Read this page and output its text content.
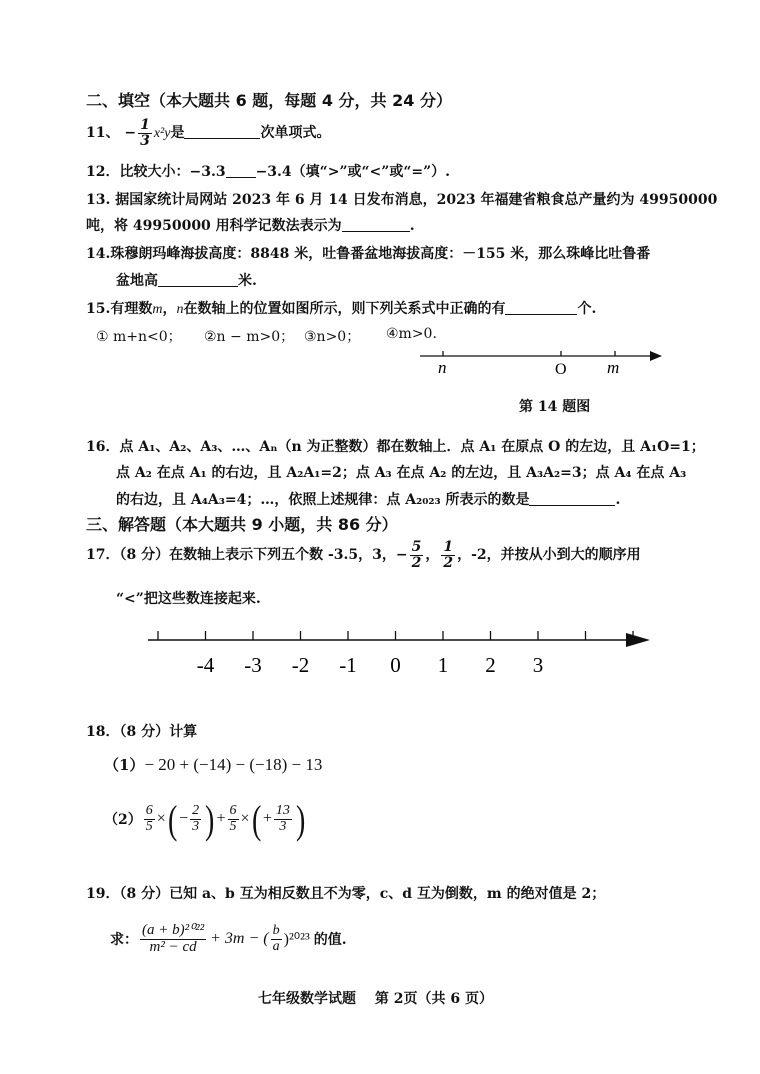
二、填空（本大题共 6 题，每题 4 分，共 24 分）
11、 − $\frac{1}{3} x^2y$是	次单项式。
12．比较大小：−3.3 −3.4（填“>”或“<”或“=”）.
13. 据国家统计局网站 2023 年 6 月 14 日发布消息，2023 年福建省粮食总产量约为 49950000
吨，将 49950000 用科学记数法表示为	.
14.珠穆朗玛峰海拔高度：8848 米，吐鲁番盆地海拔高度：－155 米，那么珠峰比吐鲁番
盆地高	米.
15.有理数m，n在数轴上的位置如图所示，则下列关系式中正确的有	个.
① m+n<0； ②n − m>0； ③n>0； ④m>0.
n	O m
第 14 题图
16．点 A₁、A₂、A₃、…、Aₙ（n 为正整数）都在数轴上．点 A₁ 在原点 O 的左边，且 A₁O=1；
点 A₂ 在点 A₁ 的右边，且 A₂A₁=2；点 A₃ 在点 A₂ 的左边，且 A₃A₂=3；点 A₄ 在点 A₃
的右边，且 A₄A₃=4；…，依照上述规律：点 A₂₀₂₃ 所表示的数是	.
三、解答题（本大题共 9 小题，共 86 分）
17．（8 分）在数轴上表示下列五个数 -3.5，3，− $\frac{5}{2}$ ， $\frac{1}{2}$ ，-2，并按从小到大的顺序用
“<”把这些数连接起来.
-4 -3 -2 -1 0 1 2 3
18．（8 分）计算
（1）− 20 + (−14) − (−18) − 13
$(2) \frac{6}{5}$ × ( − $\frac{2}{3}$ ) + $\frac{6}{5}$ × ( + $\frac{13}{3}$ )
19．（8 分）已知 a、b 互为相反数且不为零，c、d 互为倒数，m 的绝对值是 2；
求： $\frac{\text{(a + b)²⁰²²}}{\text{m² − cd}} + 3m$ − ( $\frac{b}{a} )^{2023}$ 的值.
七年级数学试题　 第 2页（共 6 页）
